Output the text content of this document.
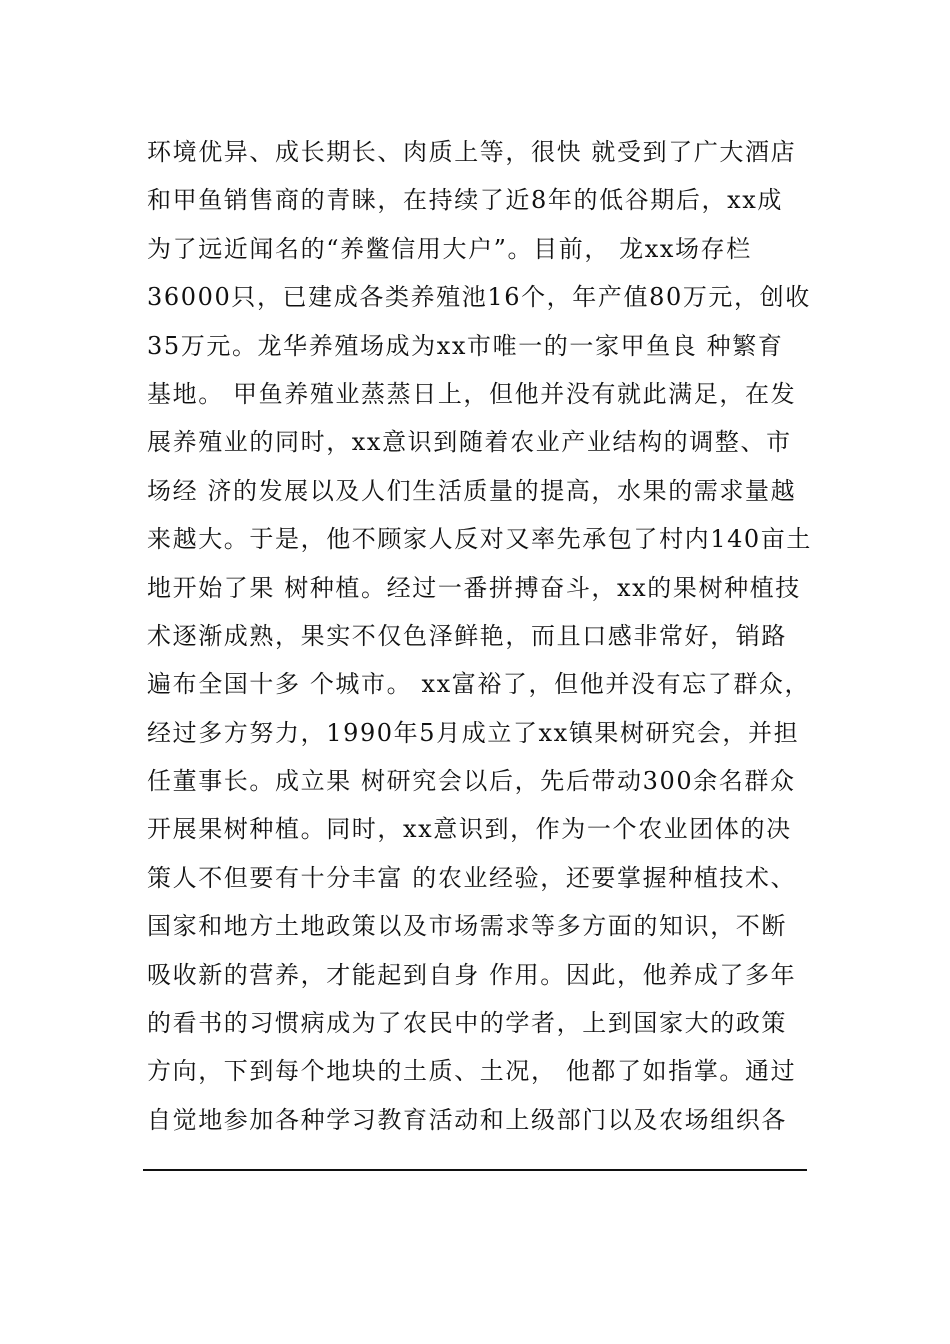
环境优异、成长期长、肉质上等，很快 就受到了广大酒店
和甲鱼销售商的青睐，在持续了近8年的低谷期后，xx成
为了远近闻名的“养鳖信用大户”。目前， 龙xx场存栏
36000只，已建成各类养殖池16个，年产值80万元，创收
35万元。龙华养殖场成为xx市唯一的一家甲鱼良 种繁育
基地。 甲鱼养殖业蒸蒸日上，但他并没有就此满足，在发
展养殖业的同时，xx意识到随着农业产业结构的调整、市
场经 济的发展以及人们生活质量的提高，水果的需求量越
来越大。于是，他不顾家人反对又率先承包了村内140亩土
地开始了果 树种植。经过一番拼搏奋斗，xx的果树种植技
术逐渐成熟，果实不仅色泽鲜艳，而且口感非常好，销路
遍布全国十多 个城市。 xx富裕了，但他并没有忘了群众，
经过多方努力，1990年5月成立了xx镇果树研究会，并担
任董事长。成立果 树研究会以后，先后带动300余名群众
开展果树种植。同时，xx意识到，作为一个农业团体的决
策人不但要有十分丰富 的农业经验，还要掌握种植技术、
国家和地方土地政策以及市场需求等多方面的知识，不断
吸收新的营养，才能起到自身 作用。因此，他养成了多年
的看书的习惯病成为了农民中的学者，上到国家大的政策
方向，下到每个地块的土质、土况， 他都了如指掌。通过
自觉地参加各种学习教育活动和上级部门以及农场组织各
